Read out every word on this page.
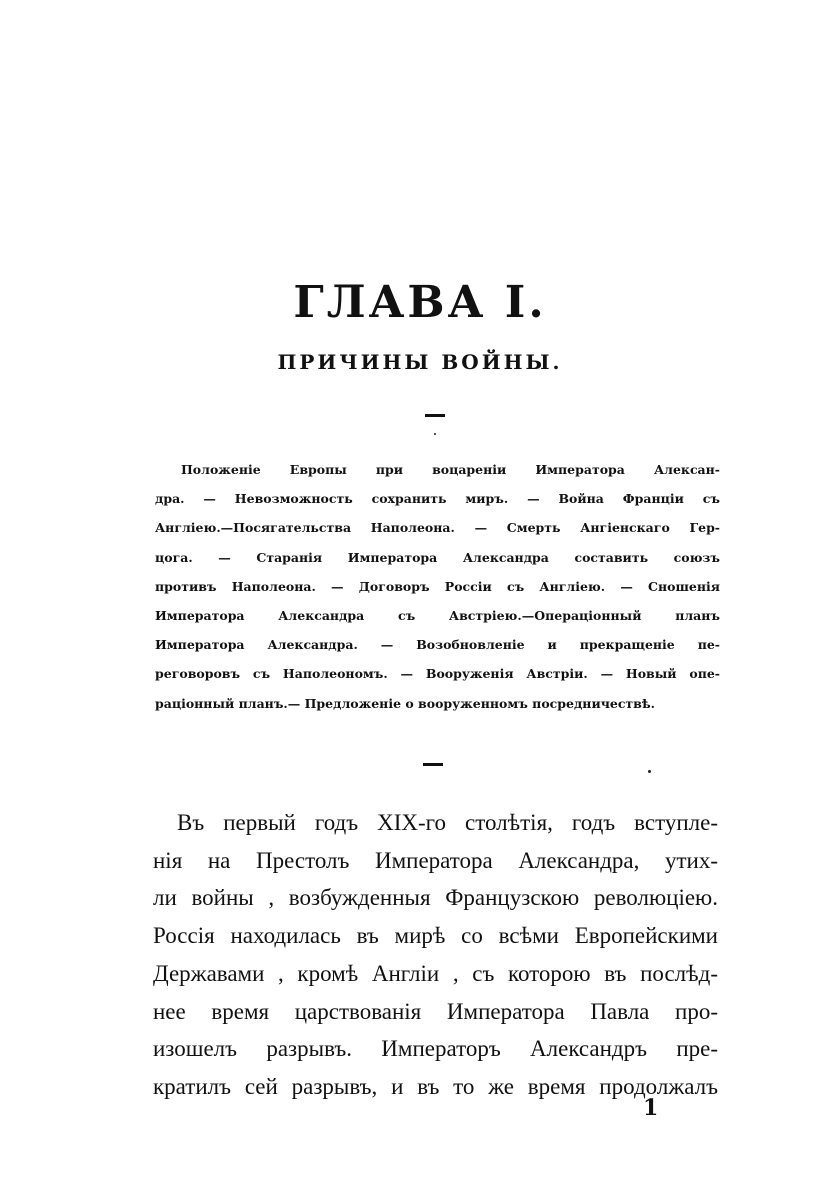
ГЛАВА I.
ПРИЧИНЫ ВОЙНЫ.
Положенie Европы при воцаренiи Императора Алексан-
дра. — Невозможность сохранить миръ. — Война Францiи съ
Англiею.—Посягательства Наполеона. — Смерть Ангiенскаго Гер-
цога. — Старанiя Императора Александра составить союзъ
противъ Наполеона. — Договоръ Россiи съ Англiею. — Сношенiя
Императора Александра съ Австрiею.—Операцiонный планъ
Императора Александра. — Возобновленiе и прекращенiе пе-
реговоровъ съ Наполеономъ. — Вооруженiя Австрiи. — Новый опе-
рацiонный планъ.— Предложенiе о вооруженномъ посредничествѣ.
Въ первый годъ XIX-го столѣтiя, годъ вступле-
нiя на Престолъ Императора Александра, утих-
ли войны , возбужденныя Французскою революцiею.
Россiя находилась въ мирѣ со всѣми Европейскими
Державами , кромѣ Англiи , съ которою въ послѣд-
нее время царствованiя Императора Павла про-
изошелъ разрывъ. Императоръ Александръ пре-
кратилъ сей разрывъ, и въ то же время продолжалъ
1
